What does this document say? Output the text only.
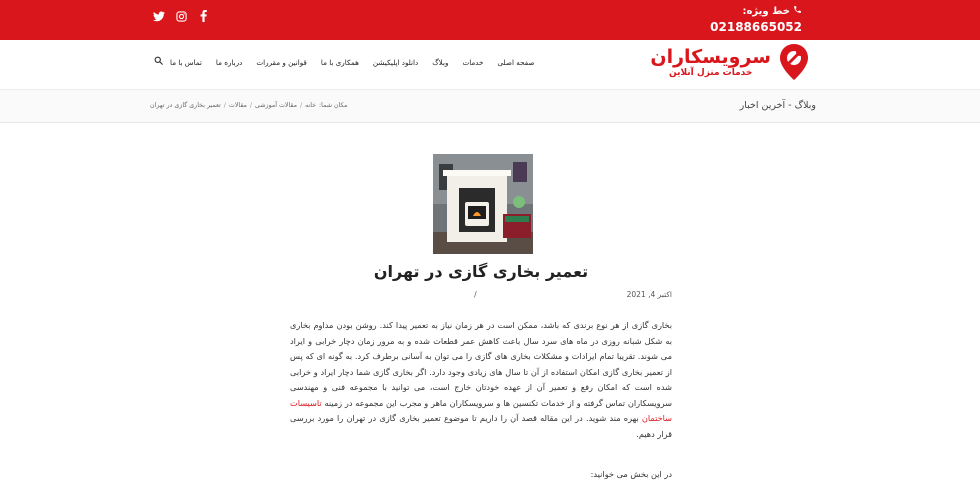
خط ویژه:
02188665052
سرویسکاران
خدمات منزل آنلاین
تماس با ما	درباره ما	قوانین و مقررات	همکاری با ما	دانلود اپلیکیشن	وبلاگ	خدمات	صفحه اصلی
وبلاگ - آخرین اخبار
مکان شما:
خانه
/
مقالات آموزشی
/
مقالات
/
تعمیر بخاری گازی در تهران
تعمیر بخاری گازی در تهران
اکتبر 4, 2021
/
بخاری گازی از هر نوع برندی که باشد، ممکن است در هر زمان نیاز به تعمیر پیدا کند. روشن بودن مداوم بخاری به شکل شبانه روزی در ماه های سرد سال باعث کاهش عمر قطعات شده و به مرور زمان دچار خرابی و ایراد می شوند. تقریبا تمام ایرادات و مشکلات بخاری های گازی را می توان به آسانی برطرف کرد. به گونه ای که پس از تعمیر بخاری گازی امکان استفاده از آن تا سال های زیادی وجود دارد. اگر بخاری گازی شما دچار ایراد و خرابی شده است که امکان رفع و تعمیر آن از عهده خودتان خارج است، می توانید با مجموعه فنی و مهندسی سرویسکاران تماس گرفته و از خدمات تکنسین ها و سرویسکاران ماهر و مجرب این مجموعه در زمینه تاسیسات ساختمان بهره مند شوید. در این مقاله قصد آن را داریم تا موضوع تعمیر بخاری گازی در تهران را مورد بررسی قرار دهیم.
در این بخش می خوانید:
